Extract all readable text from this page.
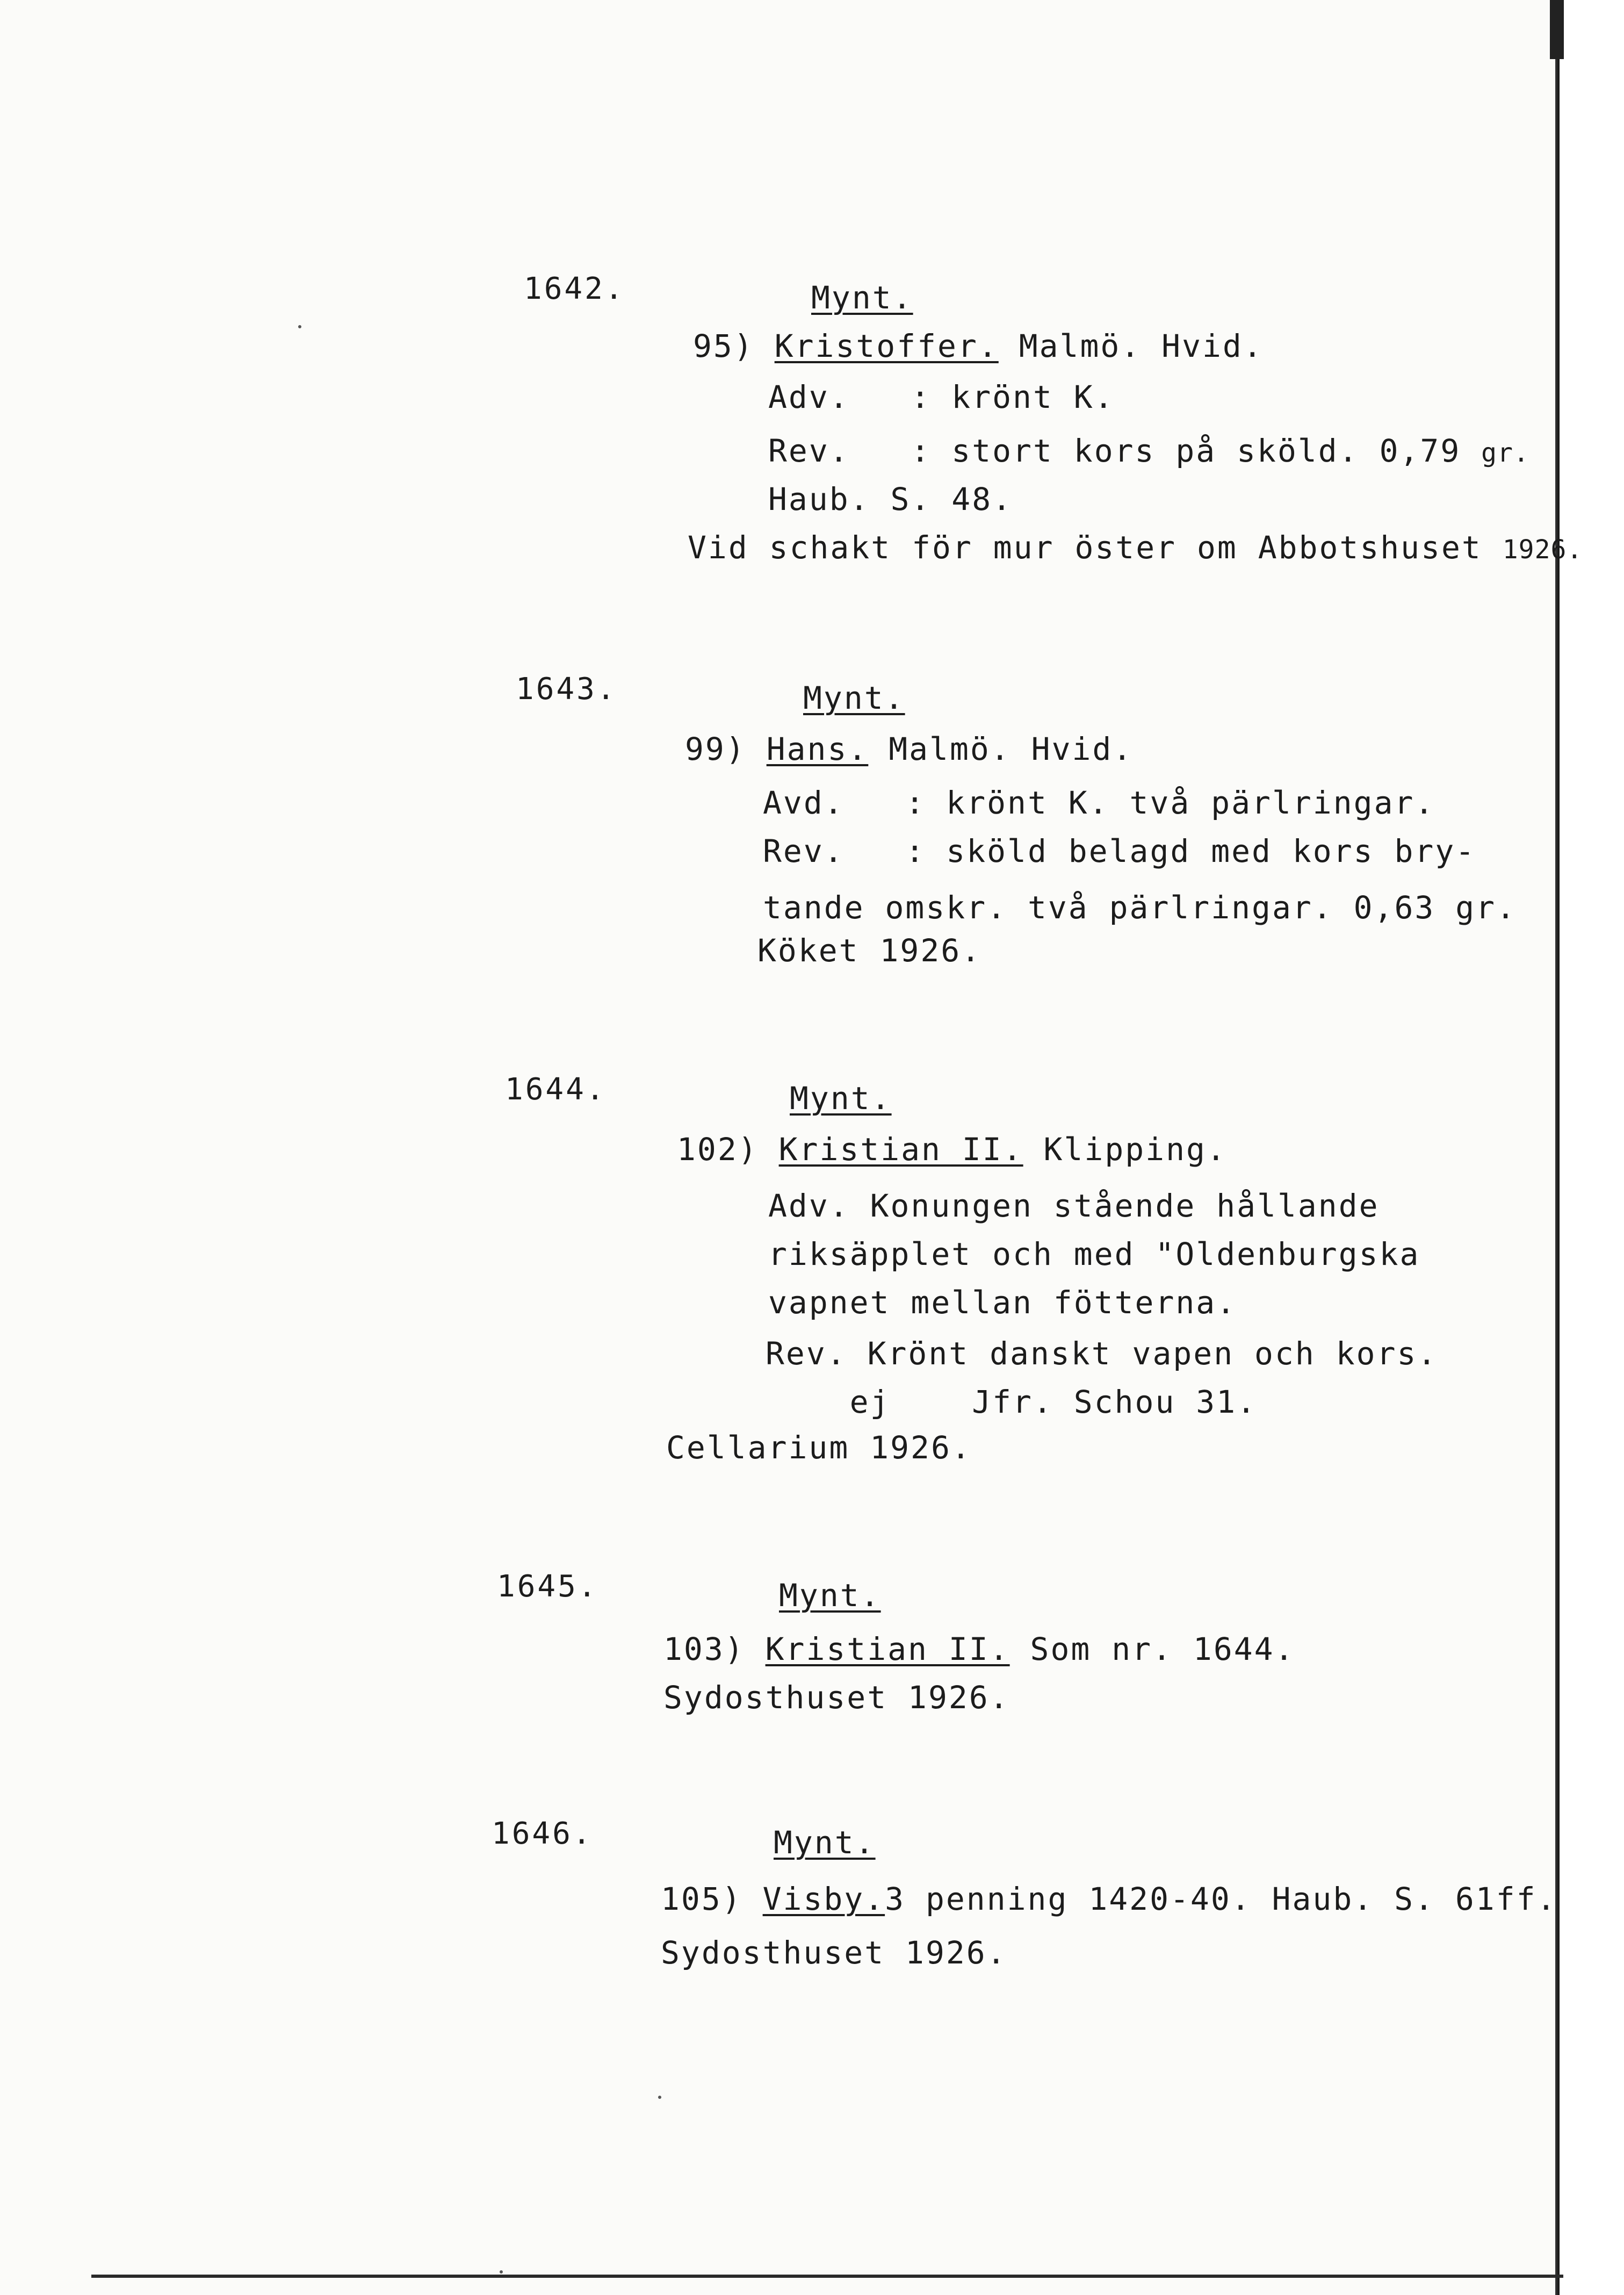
1642.	Mynt.
95) Kristoffer. Malmö. Hvid.
Adv.   : krönt K.
Rev.   : stort kors på sköld. 0,79 gr.
Haub. S. 48.
Vid schakt för mur öster om Abbotshuset 1926.
1643.	Mynt.
99) Hans. Malmö. Hvid.
Avd.   : krönt K. två pärlringar.
Rev.   : sköld belagd med kors bry-
tande omskr. två pärlringar. 0,63 gr.
Köket 1926.
1644.	Mynt.
102) Kristian II. Klipping.
Adv. Konungen stående hållande
riksäpplet och med "Oldenburgska
vapnet mellan fötterna.
Rev. Krönt danskt vapen och kors.
ej    Jfr. Schou 31.
Cellarium 1926.
1645.	Mynt.
103) Kristian II. Som nr. 1644.
Sydosthuset 1926.
1646.	Mynt.
105) Visby.3 penning 1420-40. Haub. S. 61ff.
Sydosthuset 1926.
